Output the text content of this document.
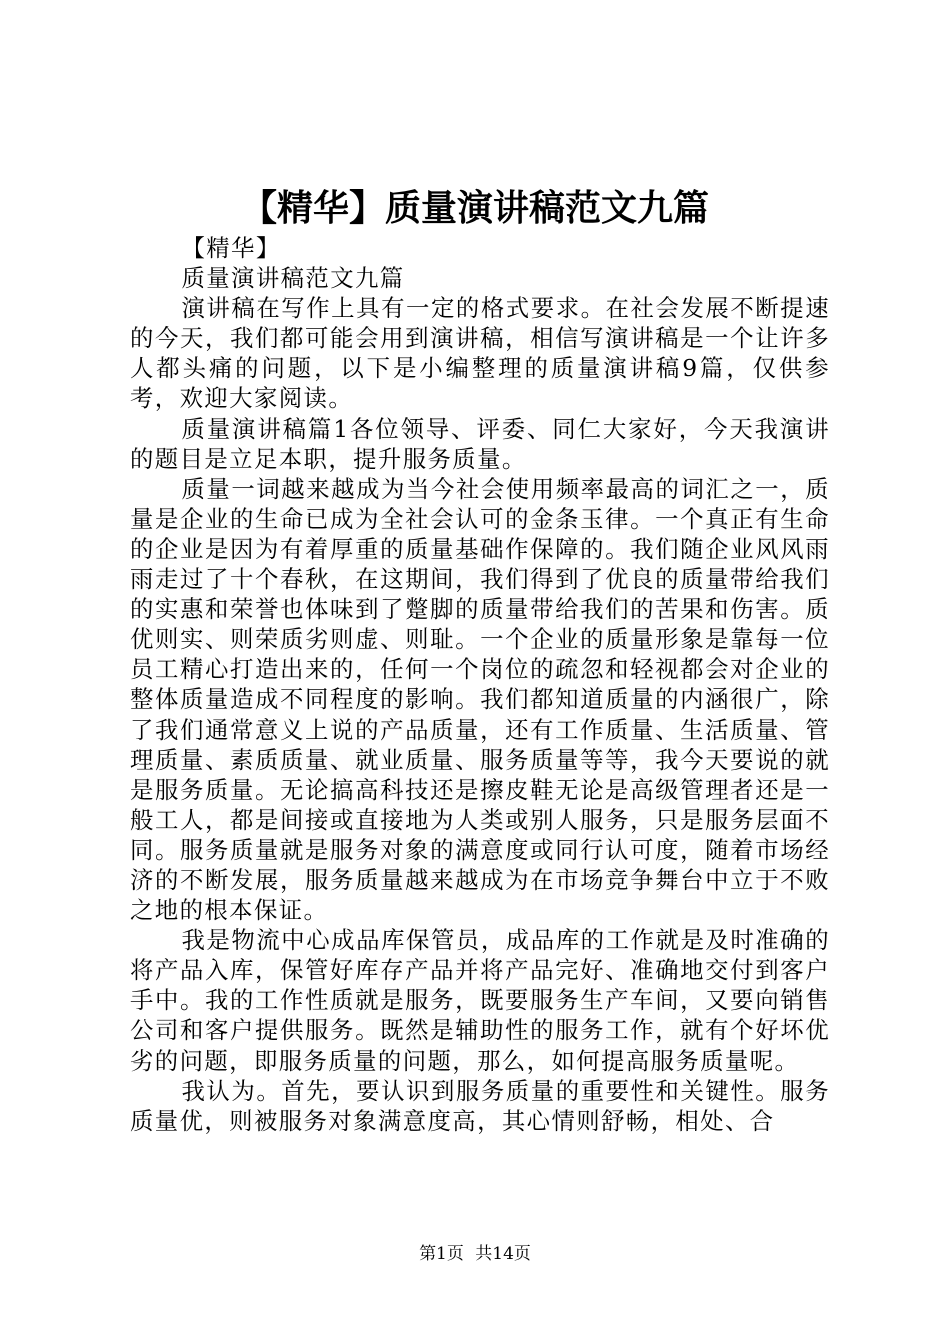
【精华】质量演讲稿范文九篇

【精华】

质量演讲稿范文九篇

演讲稿在写作上具有一定的格式要求。在社会发展不断提速的今天，我们都可能会用到演讲稿，相信写演讲稿是一个让许多人都头痛的问题，以下是小编整理的质量演讲稿9篇，仅供参考，欢迎大家阅读。

质量演讲稿篇1各位领导、评委、同仁大家好，今天我演讲的题目是立足本职，提升服务质量。

质量一词越来越成为当今社会使用频率最高的词汇之一，质量是企业的生命已成为全社会认可的金条玉律。一个真正有生命的企业是因为有着厚重的质量基础作保障的。我们随企业风风雨雨走过了十个春秋，在这期间，我们得到了优良的质量带给我们的实惠和荣誉也体味到了蹩脚的质量带给我们的苦果和伤害。质优则实、则荣质劣则虚、则耻。一个企业的质量形象是靠每一位员工精心打造出来的，任何一个岗位的疏忽和轻视都会对企业的整体质量造成不同程度的影响。我们都知道质量的内涵很广，除了我们通常意义上说的产品质量，还有工作质量、生活质量、管理质量、素质质量、就业质量、服务质量等等，我今天要说的就是服务质量。无论搞高科技还是擦皮鞋无论是高级管理者还是一般工人，都是间接或直接地为人类或别人服务，只是服务层面不同。服务质量就是服务对象的满意度或同行认可度，随着市场经济的不断发展，服务质量越来越成为在市场竞争舞台中立于不败之地的根本保证。

我是物流中心成品库保管员，成品库的工作就是及时准确的将产品入库，保管好库存产品并将产品完好、准确地交付到客户手中。我的工作性质就是服务，既要服务生产车间，又要向销售公司和客户提供服务。既然是辅助性的服务工作，就有个好坏优劣的问题，即服务质量的问题，那么，如何提高服务质量呢。

我认为。首先，要认识到服务质量的重要性和关键性。服务质量优，则被服务对象满意度高，其心情则舒畅，相处、合

第1页 共14页
